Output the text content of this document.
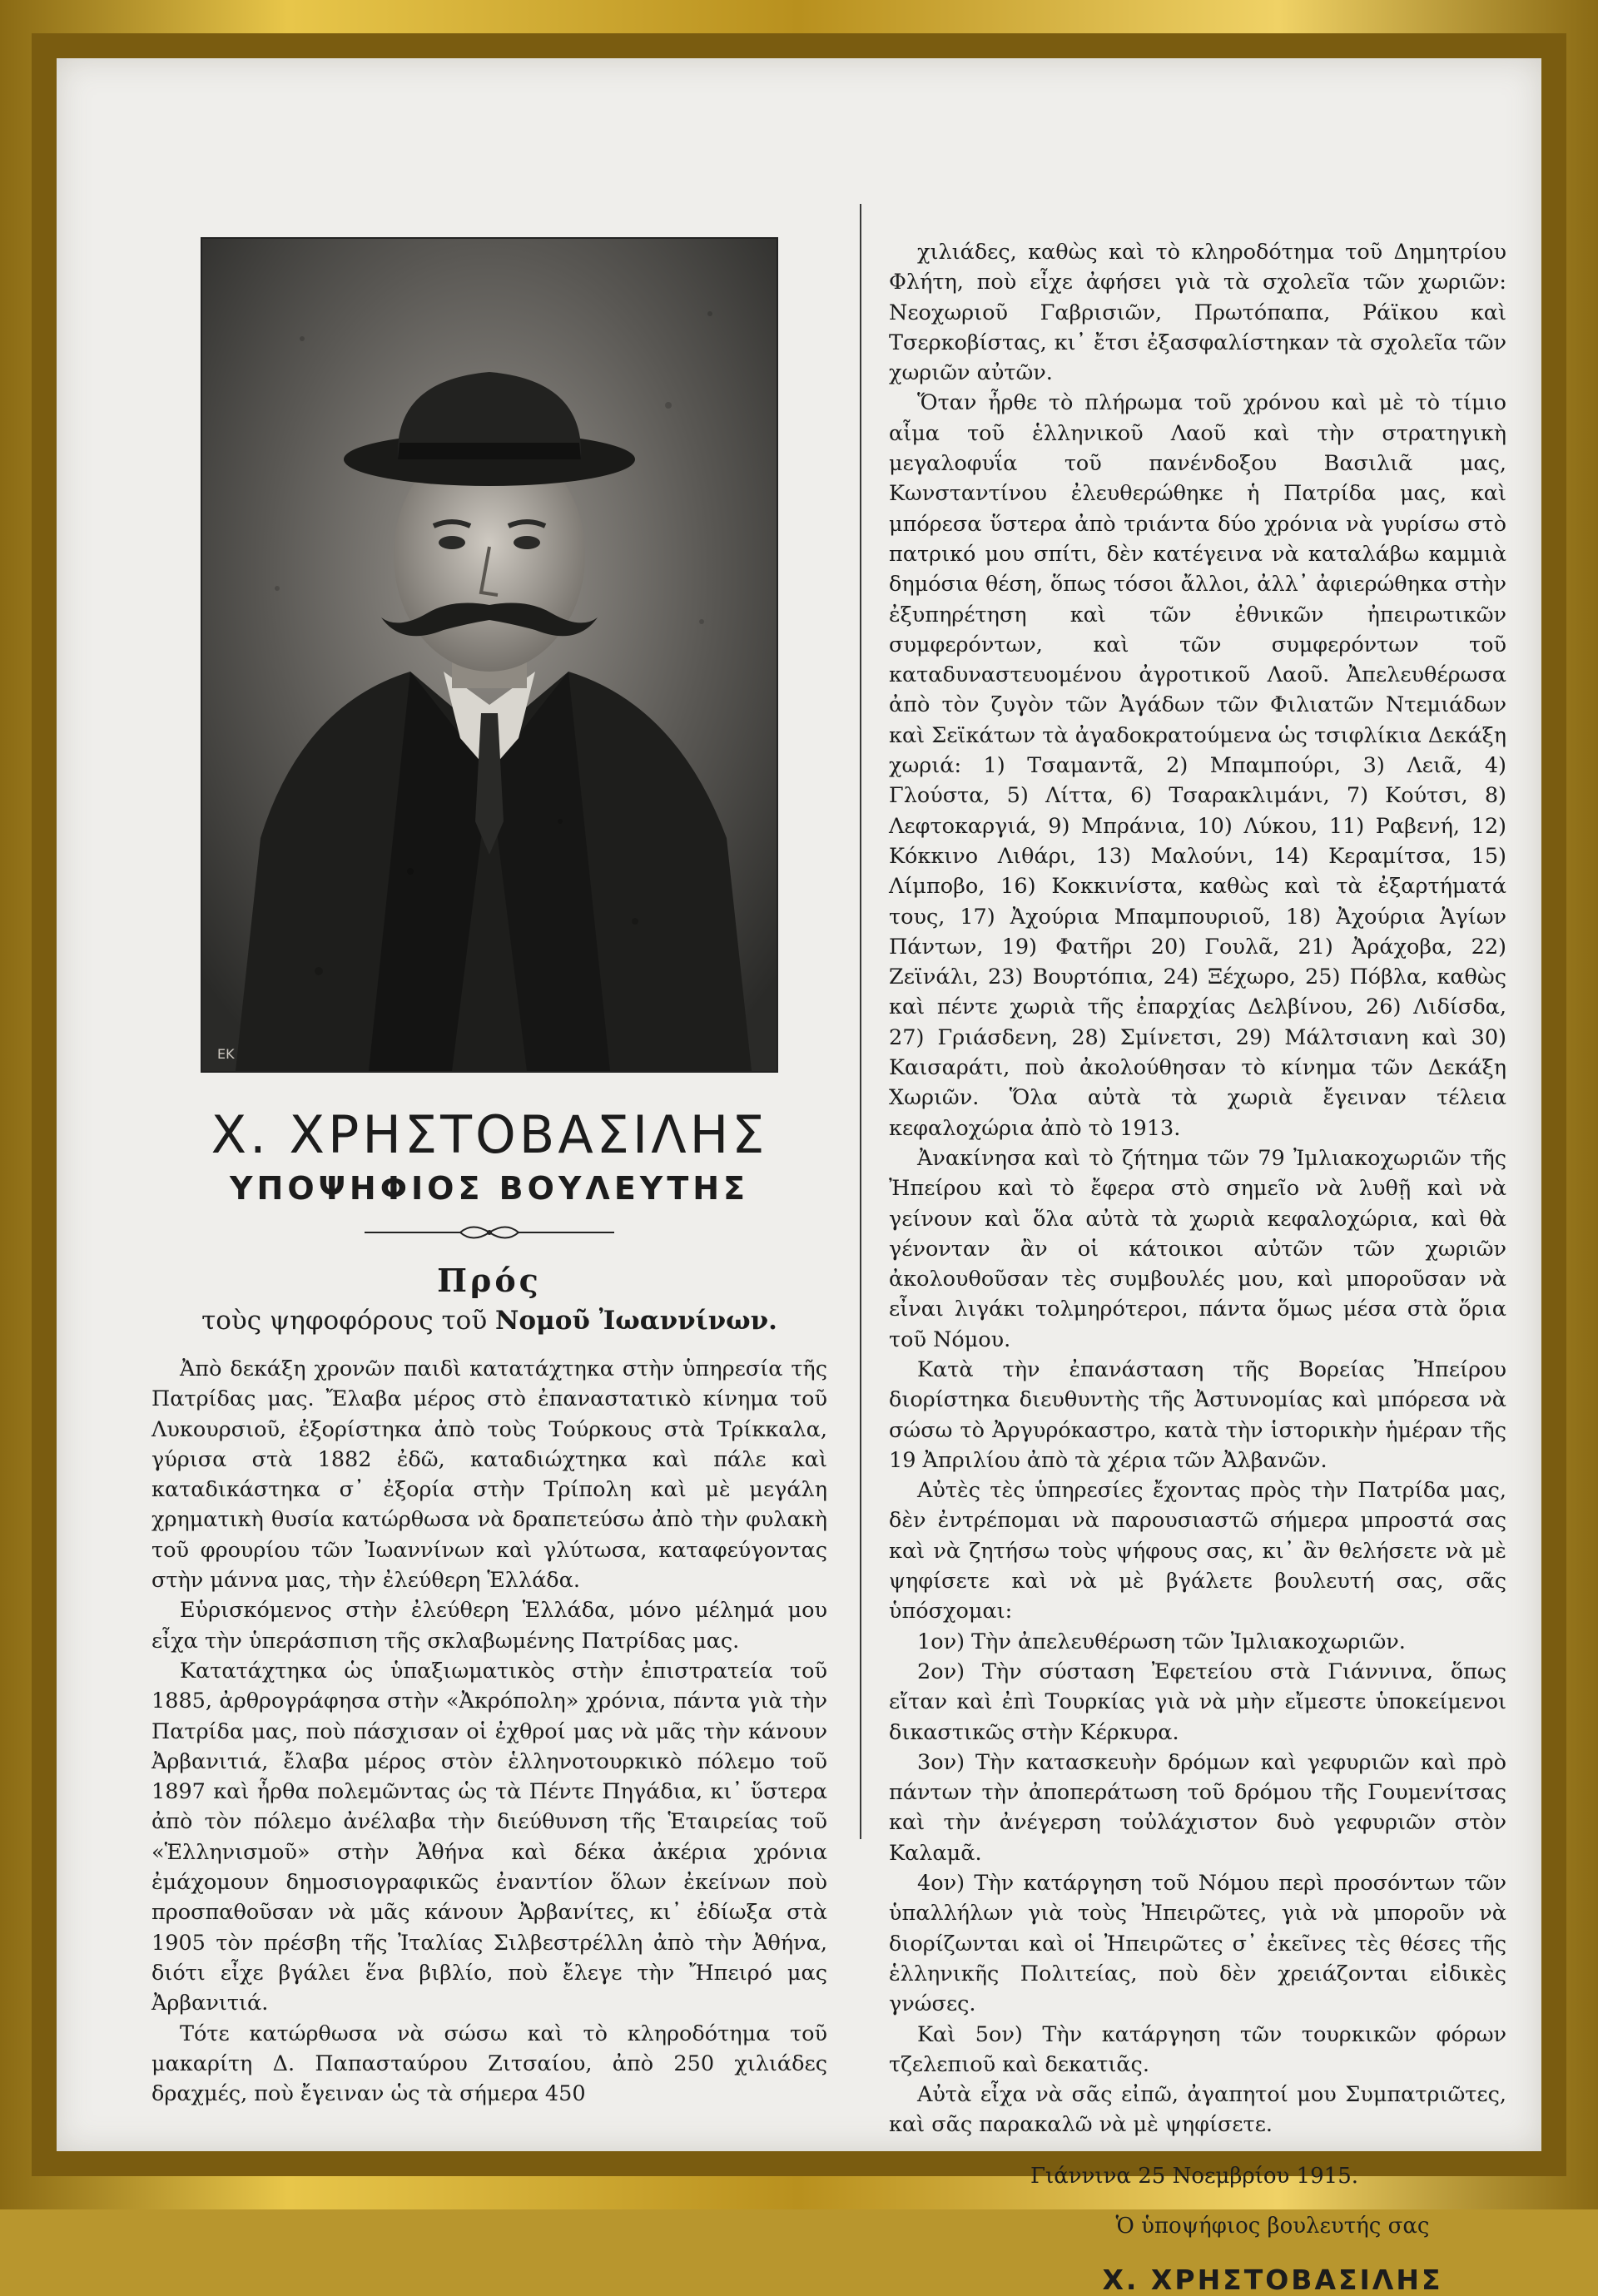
ΕΚ
Χ. ΧΡΗΣΤΟΒΑΣΙΛΗΣ
ΥΠΟΨΗΦΙΟΣ ΒΟΥΛΕΥΤΗΣ
Πρός
τοὺς ψηφοφόρους τοῦ Νομοῦ Ἰωαννίνων.

Ἀπὸ δεκάξη χρονῶν παιδὶ κατατάχτηκα στὴν ὑπηρεσία τῆς Πατρίδας μας. Ἔλαβα μέρος στὸ ἐπαναστατικὸ κίνημα τοῦ Λυκουρσιοῦ, ἐξορίστηκα ἀπὸ τοὺς Τούρκους στὰ Τρίκκαλα, γύρισα στὰ 1882 ἐδῶ, καταδιώχτηκα καὶ πάλε καὶ καταδικάστηκα σ᾽ ἐξορία στὴν Τρίπολη καὶ μὲ μεγάλη χρηματικὴ θυσία κατώρθωσα νὰ δραπετεύσω ἀπὸ τὴν φυλακὴ τοῦ φρουρίου τῶν Ἰωαννίνων καὶ γλύτωσα, καταφεύγοντας στὴν μάννα μας, τὴν ἐλεύθερη Ἑλλάδα.

Εὑρισκόμενος στὴν ἐλεύθερη Ἑλλάδα, μόνο μέλημά μου εἶχα τὴν ὑπεράσπιση τῆς σκλαβωμένης Πατρίδας μας.

Κατατάχτηκα ὡς ὑπαξιωματικὸς στὴν ἐπιστρατεία τοῦ 1885, ἀρθρογράφησα στὴν «Ἀκρόπολη» χρόνια, πάντα γιὰ τὴν Πατρίδα μας, ποὺ πάσχισαν οἱ ἐχθροί μας νὰ μᾶς τὴν κάνουν Ἀρβανιτιά, ἔλαβα μέρος στὸν ἑλληνοτουρκικὸ πόλεμο τοῦ 1897 καὶ ἦρθα πολεμῶντας ὡς τὰ Πέντε Πηγάδια, κι᾽ ὕστερα ἀπὸ τὸν πόλεμο ἀνέλαβα τὴν διεύθυνση τῆς Ἑταιρείας τοῦ «Ἑλληνισμοῦ» στὴν Ἀθήνα καὶ δέκα ἀκέρια χρόνια ἐμάχομουν δημοσιογραφικῶς ἐναντίον ὅλων ἐκείνων ποὺ προσπαθοῦσαν νὰ μᾶς κάνουν Ἀρβανίτες, κι᾽ ἐδίωξα στὰ 1905 τὸν πρέσβη τῆς Ἰταλίας Σιλβεστρέλλη ἀπὸ τὴν Ἀθήνα, διότι εἶχε βγάλει ἕνα βιβλίο, ποὺ ἔλεγε τὴν Ἤπειρό μας Ἀρβανιτιά.

Τότε κατώρθωσα νὰ σώσω καὶ τὸ κληροδότημα τοῦ μακαρίτη Δ. Παπασταύρου Ζιτσαίου, ἀπὸ 250 χιλιάδες δραχμές, ποὺ ἔγειναν ὡς τὰ σήμερα 450

χιλιάδες, καθὼς καὶ τὸ κληροδότημα τοῦ Δημητρίου Φλήτη, ποὺ εἶχε ἀφήσει γιὰ τὰ σχολεῖα τῶν χωριῶν: Νεοχωριοῦ Γαβρισιῶν, Πρωτόπαπα, Ράϊκου καὶ Τσερκοβίστας, κι᾽ ἔτσι ἐξασφαλίστηκαν τὰ σχολεῖα τῶν χωριῶν αὐτῶν.

Ὅταν ἦρθε τὸ πλήρωμα τοῦ χρόνου καὶ μὲ τὸ τίμιο αἷμα τοῦ ἑλληνικοῦ Λαοῦ καὶ τὴν στρατηγικὴ μεγαλοφυΐα τοῦ πανένδοξου Βασιλιᾶ μας, Κωνσταντίνου ἐλευθερώθηκε ἡ Πατρίδα μας, καὶ μπόρεσα ὕστερα ἀπὸ τριάντα δύο χρόνια νὰ γυρίσω στὸ πατρικό μου σπίτι, δὲν κατέγεινα νὰ καταλάβω καμμιὰ δημόσια θέση, ὅπως τόσοι ἄλλοι, ἀλλ᾽ ἀφιερώθηκα στὴν ἐξυπηρέτηση καὶ τῶν ἐθνικῶν ἠπειρωτικῶν συμφερόντων, καὶ τῶν συμφερόντων τοῦ καταδυναστευομένου ἀγροτικοῦ Λαοῦ. Ἀπελευθέρωσα ἀπὸ τὸν ζυγὸν τῶν Ἀγάδων τῶν Φιλιατῶν Ντεμιάδων καὶ Σεϊκάτων τὰ ἀγαδοκρατούμενα ὡς τσιφλίκια Δεκάξη χωριά: 1) Τσαμαντᾶ, 2) Μπαμπούρι, 3) Λειᾶ, 4) Γλούστα, 5) Λίττα, 6) Τσαρακλιμάνι, 7) Κούτσι, 8) Λεφτοκαργιά, 9) Μπράνια, 10) Λύκου, 11) Ραβενή, 12) Κόκκινο Λιθάρι, 13) Μαλούνι, 14) Κεραμίτσα, 15) Λίμποβο, 16) Κοκκινίστα, καθὼς καὶ τὰ ἐξαρτήματά τους, 17) Ἀχούρια Μπαμπουριοῦ, 18) Ἀχούρια Ἁγίων Πάντων, 19) Φατῆρι 20) Γουλᾶ, 21) Ἀράχοβα, 22) Ζεϊνάλι, 23) Βουρτόπια, 24) Ξέχωρο, 25) Πόβλα, καθὼς καὶ πέντε χωριὰ τῆς ἐπαρχίας Δελβίνου, 26) Λιδίσδα, 27) Γριάσδενη, 28) Σμίνετσι, 29) Μάλτσιανη καὶ 30) Καισαράτι, ποὺ ἀκολούθησαν τὸ κίνημα τῶν Δεκάξη Χωριῶν. Ὅλα αὐτὰ τὰ χωριὰ ἔγειναν τέλεια κεφαλοχώρια ἀπὸ τὸ 1913.

Ἀνακίνησα καὶ τὸ ζήτημα τῶν 79 Ἰμλιακοχωριῶν τῆς Ἠπείρου καὶ τὸ ἔφερα στὸ σημεῖο νὰ λυθῇ καὶ νὰ γείνουν καὶ ὅλα αὐτὰ τὰ χωριὰ κεφαλοχώρια, καὶ θὰ γένονταν ἂν οἱ κάτοικοι αὐτῶν τῶν χωριῶν ἀκολουθοῦσαν τὲς συμβουλές μου, καὶ μποροῦσαν νὰ εἶναι λιγάκι τολμηρότεροι, πάντα ὅμως μέσα στὰ ὅρια τοῦ Νόμου.

Κατὰ τὴν ἐπανάσταση τῆς Βορείας Ἠπείρου διορίστηκα διευθυντὴς τῆς Ἀστυνομίας καὶ μπόρεσα νὰ σώσω τὸ Ἀργυρόκαστρο, κατὰ τὴν ἱστορικὴν ἡμέραν τῆς 19 Ἀπριλίου ἀπὸ τὰ χέρια τῶν Ἀλβανῶν.

Αὐτὲς τὲς ὑπηρεσίες ἔχοντας πρὸς τὴν Πατρίδα μας, δὲν ἐντρέπομαι νὰ παρουσιαστῶ σήμερα μπροστά σας καὶ νὰ ζητήσω τοὺς ψήφους σας, κι᾽ ἂν θελήσετε νὰ μὲ ψηφίσετε καὶ νὰ μὲ βγάλετε βουλευτή σας, σᾶς ὑπόσχομαι:

1ον) Τὴν ἀπελευθέρωση τῶν Ἰμλιακοχωριῶν.

2ον) Τὴν σύσταση Ἐφετείου στὰ Γιάννινα, ὅπως εἴταν καὶ ἐπὶ Τουρκίας γιὰ νὰ μὴν εἴμεστε ὑποκείμενοι δικαστικῶς στὴν Κέρκυρα.

3ον) Τὴν κατασκευὴν δρόμων καὶ γεφυριῶν καὶ πρὸ πάντων τὴν ἀποπεράτωση τοῦ δρόμου τῆς Γουμενίτσας καὶ τὴν ἀνέγερση τοὐλάχιστον δυὸ γεφυριῶν στὸν Καλαμᾶ.

4ον) Τὴν κατάργηση τοῦ Νόμου περὶ προσόντων τῶν ὑπαλλήλων γιὰ τοὺς Ἠπειρῶτες, γιὰ νὰ μποροῦν νὰ διορίζωνται καὶ οἱ Ἠπειρῶτες σ᾽ ἐκεῖνες τὲς θέσες τῆς ἑλληνικῆς Πολιτείας, ποὺ δὲν χρειάζονται εἰδικὲς γνώσες.

Καὶ 5ον) Τὴν κατάργηση τῶν τουρκικῶν φόρων τζελεπιοῦ καὶ δεκατιᾶς.

Αὐτὰ εἶχα νὰ σᾶς εἰπῶ, ἀγαπητοί μου Συμπατριῶτες, καὶ σᾶς παρακαλῶ νὰ μὲ ψηφίσετε.

Γιάννινα 25 Νοεμβρίου 1915.
Ὁ ὑποψήφιος βουλευτής σας
Χ. ΧΡΗΣΤΟΒΑΣΙΛΗΣ
